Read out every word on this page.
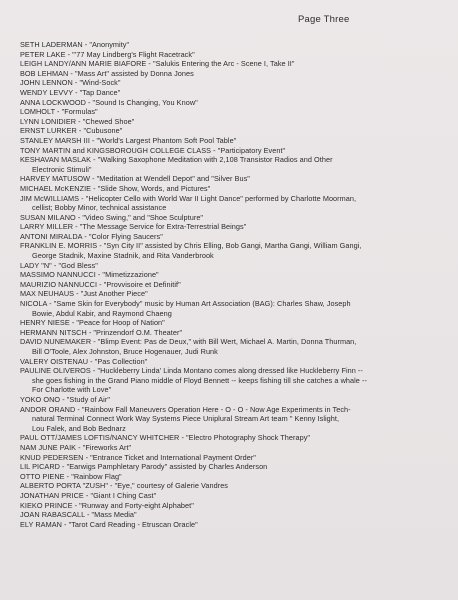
Page Three
SETH LADERMAN - "Anonymity"
PETER LAKE - "'77 May Lindberg's Flight Racetrack"
LEIGH LANDY/ANN MARIE BIAFORE - "Salukis Entering the Arc - Scene I, Take II"
BOB LEHMAN - "Mass Art" assisted by Donna Jones
JOHN LENNON - "Wind-Sock"
WENDY LEVVY - "Tap Dance"
ANNA LOCKWOOD - "Sound Is Changing, You Know"
LOMHOLT - "Formulas"
LYNN LONIDIER - "Chewed Shoe"
ERNST LURKER - "Cubusone"
STANLEY MARSH III - "World's Largest Phantom Soft Pool Table"
TONY MARTIN and KINGSBOROUGH COLLEGE CLASS - "Participatory Event"
KESHAVAN MASLAK - "Walking Saxophone Meditation with 2,108 Transistor Radios and Other
Electronic Stimuli"
HARVEY MATUSOW - "Meditation at Wendell Depot" and "Silver Bus"
MICHAEL McKENZIE - "Slide Show, Words, and Pictures"
JIM McWILLIAMS - "Helicopter Cello with World War II Light Dance" performed by Charlotte Moorman,
cellist; Bobby Minor, technical assistance
SUSAN MILANO - "Video Swing," and "Shoe Sculpture"
LARRY MILLER - "The Message Service for Extra-Terrestrial Beings"
ANTONI MIRALDA - "Color Flying Saucers"
FRANKLIN E. MORRIS - "Syn City II" assisted by Chris Elling, Bob Gangi, Martha Gangi, William Gangi,
George Stadnik, Maxine Stadnik, and Rita Vanderbrook
LADY "N" - "God Bless"
MASSIMO NANNUCCI - "Mimetizzazione"
MAURIZIO NANNUCCI - "Provvisoire et Definitif"
MAX NEUHAUS - "Just Another Piece"
NICOLA - "Same Skin for Everybody" music by Human Art Association (BAG): Charles Shaw, Joseph
Bowie, Abdul Kabir, and Raymond Chaeng
HENRY NIESE - "Peace for Hoop of Nation"
HERMANN NITSCH - "Prinzendorf O.M. Theater"
DAVID NUNEMAKER - "Blimp Event: Pas de Deux," with Bill Wert, Michael A. Martin, Donna Thurman,
Bill O'Toole, Alex Johnston, Bruce Hogenauer, Judi Runk
VALERY OISTENAU - "Pas Collection"
PAULINE OLIVEROS - "Huckleberry Linda' Linda Montano comes along dressed like Huckleberry Finn --
she goes fishing in the Grand Piano middle of Floyd Bennett -- keeps fishing till she catches a whale --
For Charlotte with Love"
YOKO ONO - "Study of Air"
ANDOR ORAND - "Rainbow Fall Maneuvers Operation Here - O - O - Now Age Experiments in Tech-
natural Terminal Connect Work Way Systems Piece Uniplural Stream Art team " Kenny Islight,
Lou Falek, and Bob Bednarz
PAUL OTT/JAMES LOFTIS/NANCY WHITCHER - "Electro Photography Shock Therapy"
NAM JUNE PAIK - "Fireworks Art"
KNUD PEDERSEN - "Entrance Ticket and International Payment Order"
LIL PICARD - "Earwigs Pamphletary Parody" assisted by Charles Anderson
OTTO PIENE - "Rainbow Flag"
ALBERTO PORTA "ZUSH" - "Eye," courtesy of Galerie Vandres
JONATHAN PRICE - "Giant I Ching Cast"
KIEKO PRINCE - "Runway and Forty-eight Alphabet"
JOAN RABASCALL - "Mass Media"
ELY RAMAN - "Tarot Card Reading - Etruscan Oracle"
